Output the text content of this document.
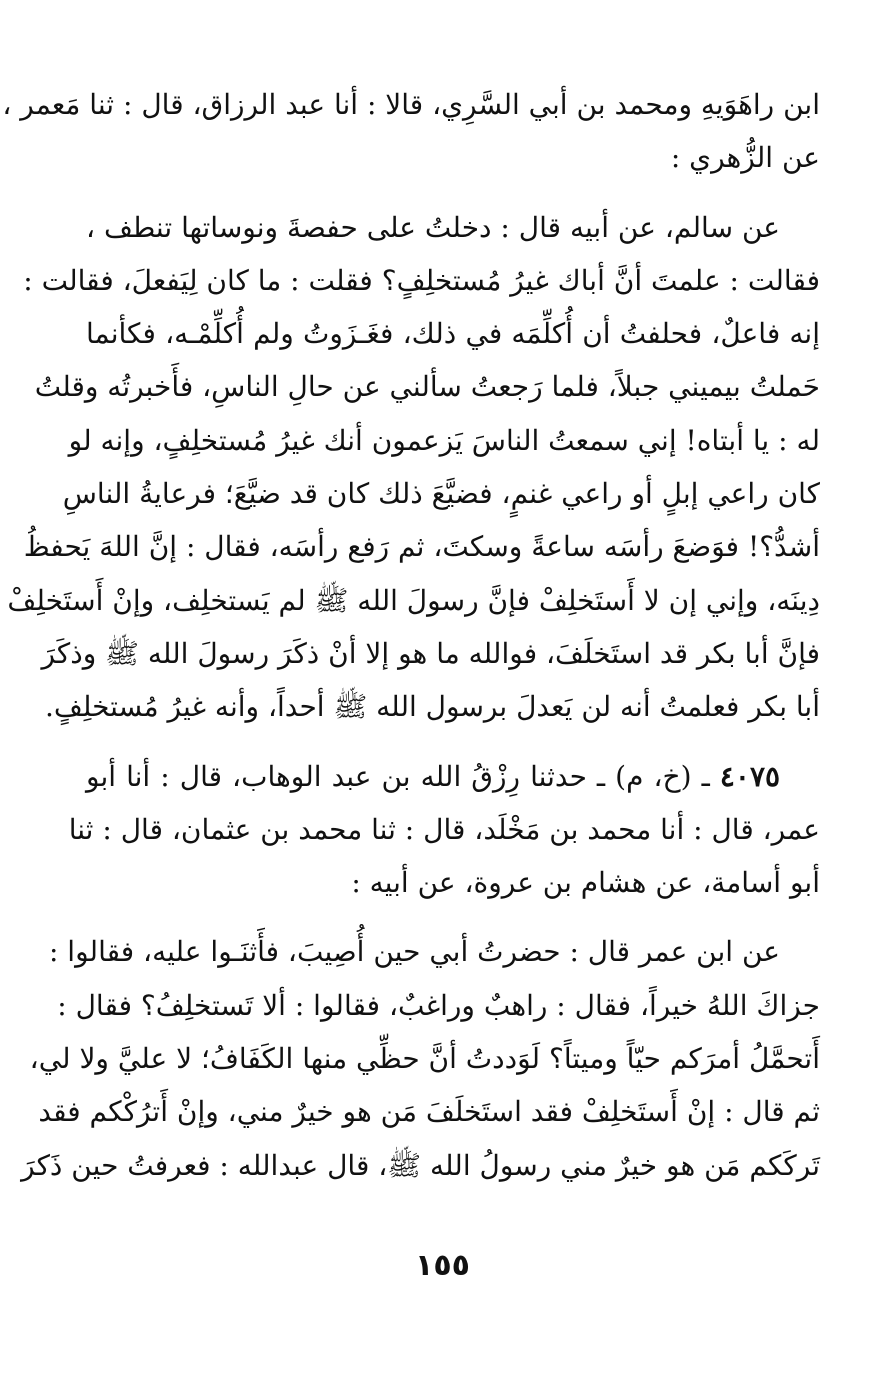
ابن راهَوَيهِ ومحمد بن أبي السَّرِي، قالا : أنا عبد الرزاق، قال : ثنا مَعمر ،
عن الزُّهري :
عن سالم، عن أبيه قال : دخلتُ على حفصةَ ونوساتها تنطف ،
فقالت : علمتَ أنَّ أباك غيرُ مُستخلِفٍ؟ فقلت : ما كان لِيَفعلَ، فقالت :
إنه فاعلٌ، فحلفتُ أن أُكلِّمَه في ذلك، فغَـزَوتُ ولم أُكلِّمْـه، فكأنما
حَملتُ بيميني جبلاً، فلما رَجعتُ سألني عن حالِ الناسِ، فأَخبرتُه وقلتُ
له : يا أبتاه! إني سمعتُ الناسَ يَزعمون أنك غيرُ مُستخلِفٍ، وإنه لو
كان راعي إبلٍ أو راعي غنمٍ، فضيَّعَ ذلك كان قد ضيَّعَ؛ فرعايةُ الناسِ
أشدُّ؟! فوَضعَ رأسَه ساعةً وسكتَ، ثم رَفع رأسَه، فقال : إنَّ اللهَ يَحفظُ
دِينَه، وإني إن لا أَستَخلِفْ فإنَّ رسولَ الله ﷺ لم يَستخلِف، وإنْ أَستَخلِفْ
فإنَّ أبا بكر قد استَخلَفَ، فوالله ما هو إلا أنْ ذكَرَ رسولَ الله ﷺ وذكَرَ
أبا بكر فعلمتُ أنه لن يَعدلَ برسول الله ﷺ أحداً، وأنه غيرُ مُستخلِفٍ.
٤٠٧٥ ـ (خ، م) ـ حدثنا رِزْقُ الله بن عبد الوهاب، قال : أنا أبو
عمر، قال : أنا محمد بن مَخْلَد، قال : ثنا محمد بن عثمان، قال : ثنا
أبو أسامة، عن هشام بن عروة، عن أبيه :
عن ابن عمر قال : حضرتُ أبي حين أُصِيبَ، فأَثنَـوا عليه، فقالوا :
جزاكَ اللهُ خيراً، فقال : راهبٌ وراغبٌ، فقالوا : ألا تَستخلِفُ؟ فقال :
أَتحمَّلُ أمرَكم حيّاً وميتاً؟ لَوَددتُ أنَّ حظِّي منها الكَفَافُ؛ لا عليَّ ولا لي،
ثم قال : إنْ أَستَخلِفْ فقد استَخلَفَ مَن هو خيرٌ مني، وإنْ أَترُكْكم فقد
تَركَكم مَن هو خيرٌ مني رسولُ الله ﷺ، قال عبدالله : فعرفتُ حين ذَكرَ
١٥٥
